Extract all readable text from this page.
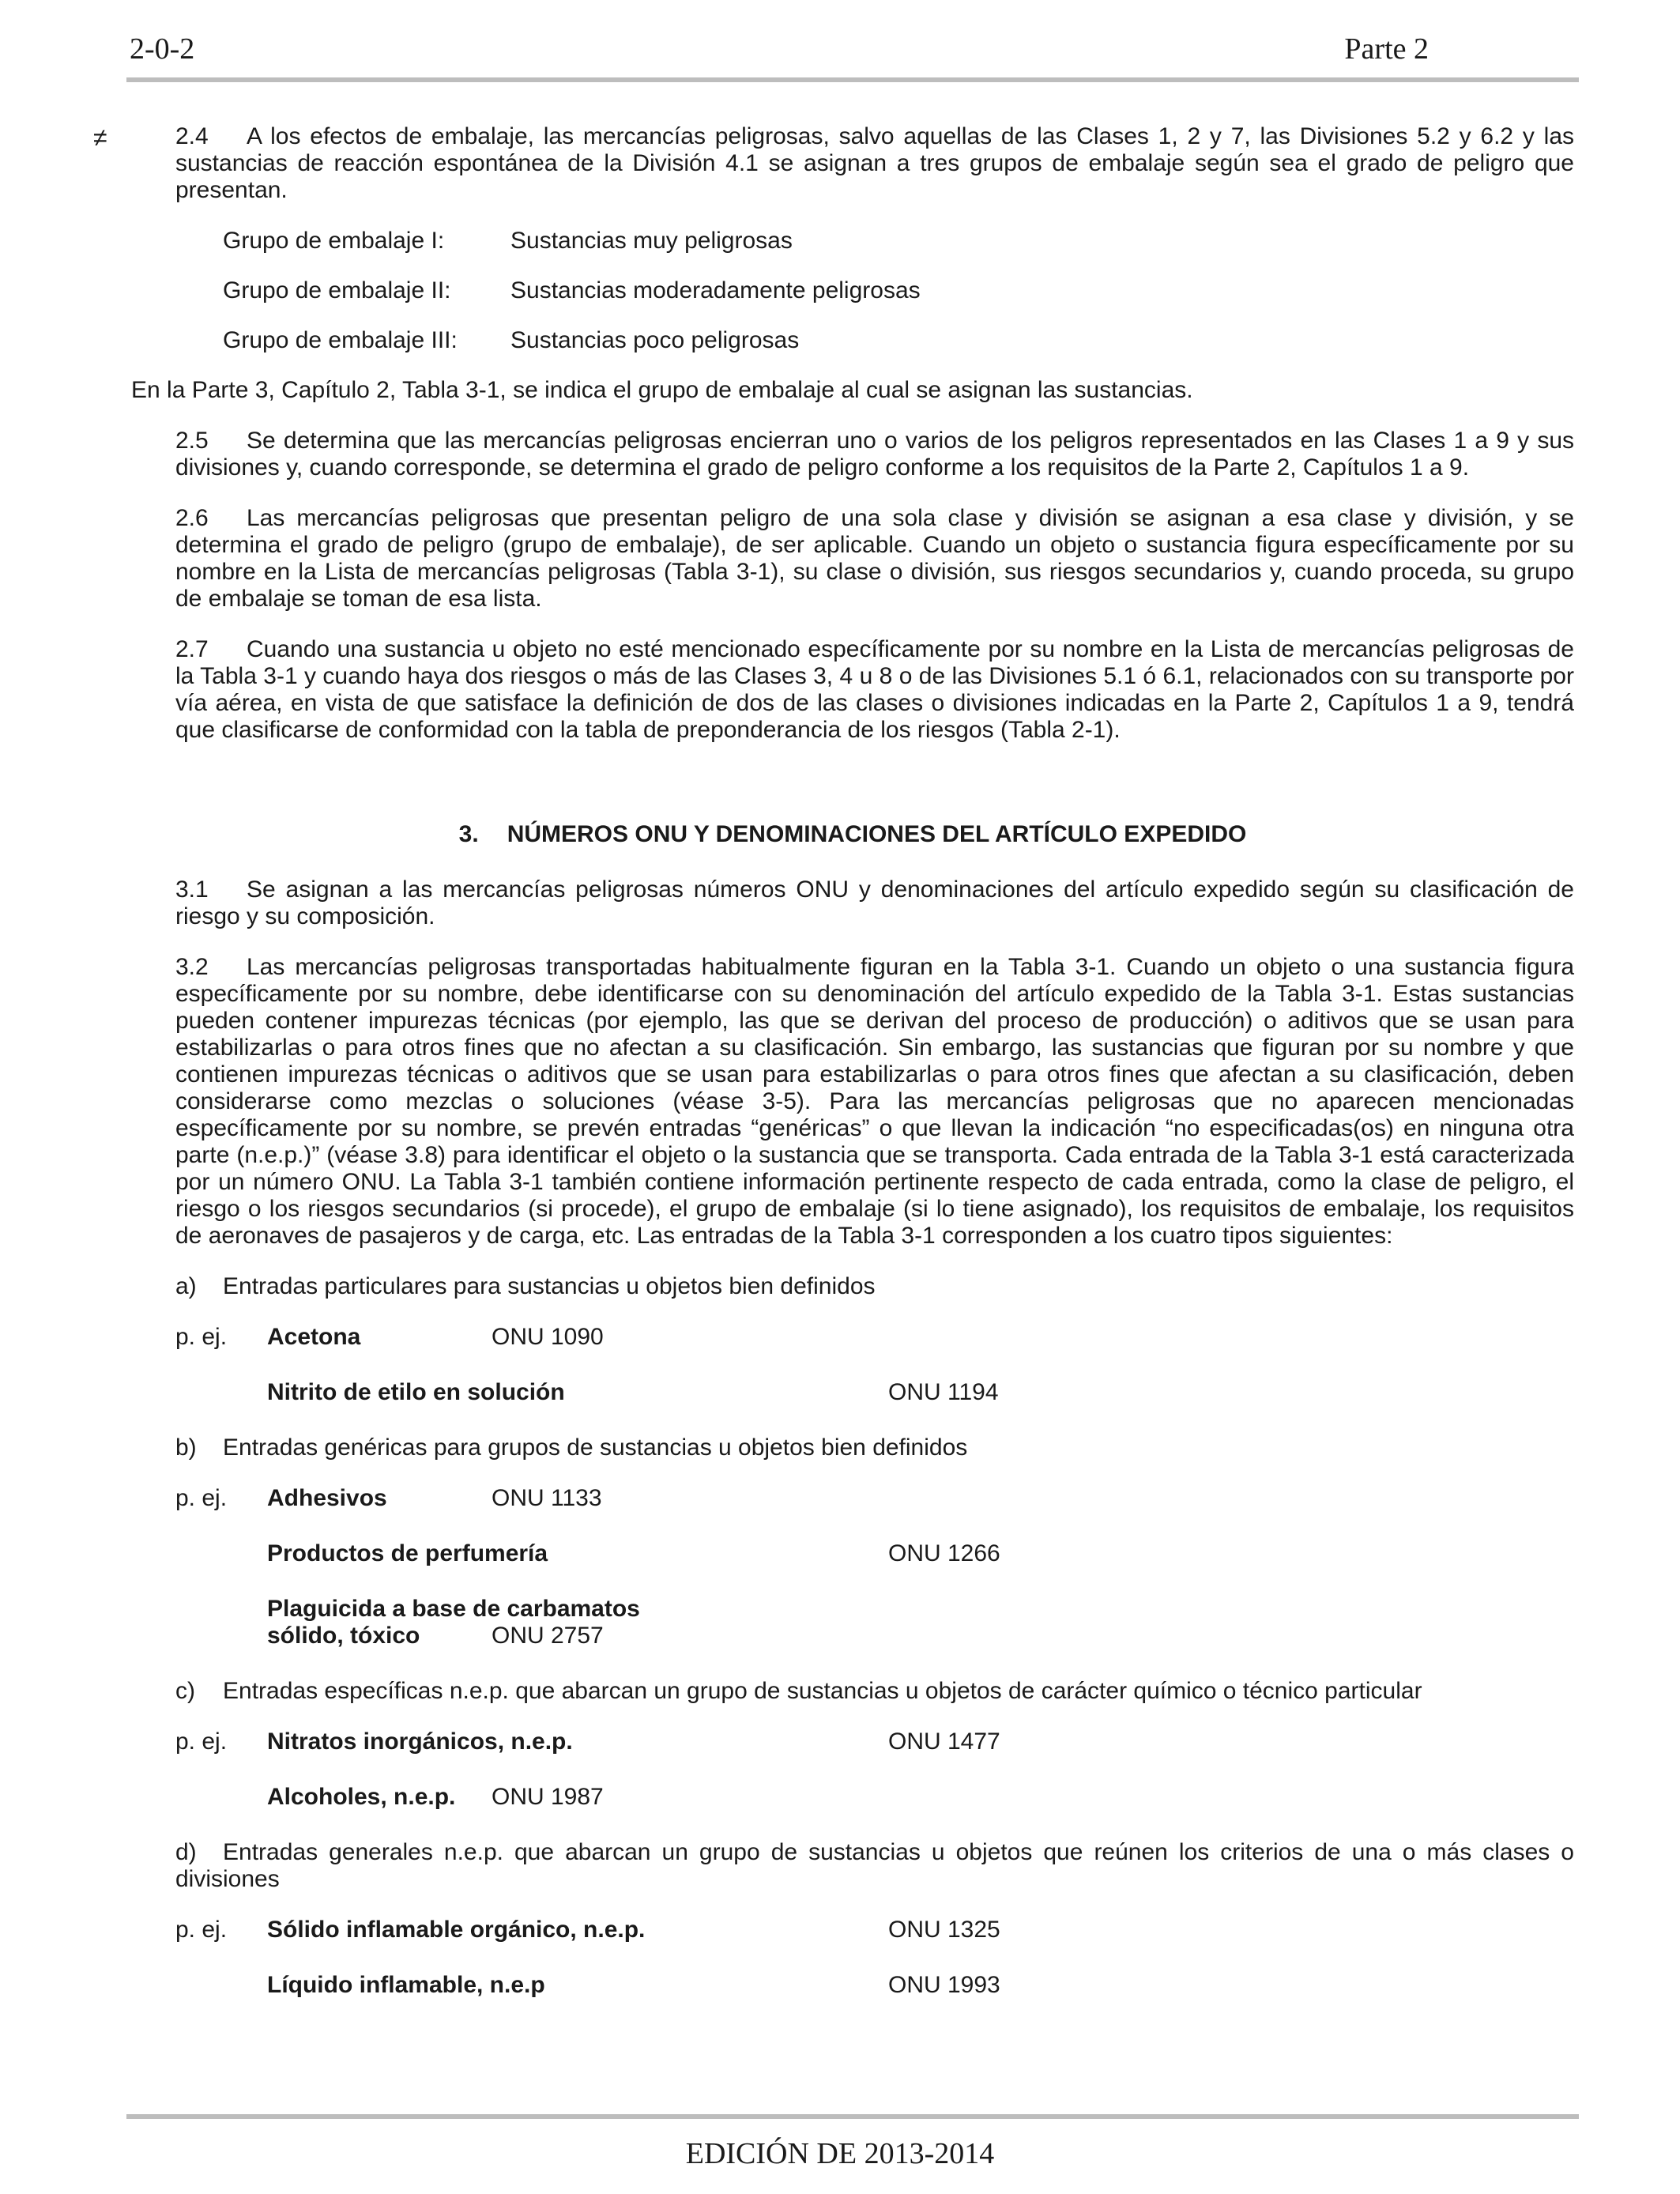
2-0-2	Parte 2
≠	2.4 A los efectos de embalaje, las mercancías peligrosas, salvo aquellas de las Clases 1, 2 y 7, las Divisiones 5.2 y 6.2 y las sustancias de reacción espontánea de la División 4.1 se asignan a tres grupos de embalaje según sea el grado de peligro que presentan.

Grupo de embalaje I:	Sustancias muy peligrosas
Grupo de embalaje II:	Sustancias moderadamente peligrosas
Grupo de embalaje III: Sustancias poco peligrosas

En la Parte 3, Capítulo 2, Tabla 3-1, se indica el grupo de embalaje al cual se asignan las sustancias.

2.5 Se determina que las mercancías peligrosas encierran uno o varios de los peligros representados en las Clases 1 a 9 y sus divisiones y, cuando corresponde, se determina el grado de peligro conforme a los requisitos de la Parte 2, Capítulos 1 a 9.

2.6 Las mercancías peligrosas que presentan peligro de una sola clase y división se asignan a esa clase y división, y se determina el grado de peligro (grupo de embalaje), de ser aplicable. Cuando un objeto o sustancia figura específicamente por su nombre en la Lista de mercancías peligrosas (Tabla 3-1), su clase o división, sus riesgos secundarios y, cuando proceda, su grupo de embalaje se toman de esa lista.

2.7 Cuando una sustancia u objeto no esté mencionado específicamente por su nombre en la Lista de mercancías peligrosas de la Tabla 3-1 y cuando haya dos riesgos o más de las Clases 3, 4 u 8 o de las Divisiones 5.1 ó 6.1, relacionados con su transporte por vía aérea, en vista de que satisface la definición de dos de las clases o divisiones indicadas en la Parte 2, Capítulos 1 a 9, tendrá que clasificarse de conformidad con la tabla de preponderancia de los riesgos (Tabla 2-1).

3. NÚMEROS ONU Y DENOMINACIONES DEL ARTÍCULO EXPEDIDO

3.1 Se asignan a las mercancías peligrosas números ONU y denominaciones del artículo expedido según su clasificación de riesgo y su composición.

3.2 Las mercancías peligrosas transportadas habitualmente figuran en la Tabla 3-1. Cuando un objeto o una sustancia figura específicamente por su nombre, debe identificarse con su denominación del artículo expedido de la Tabla 3-1. Estas sustancias pueden contener impurezas técnicas (por ejemplo, las que se derivan del proceso de producción) o aditivos que se usan para estabilizarlas o para otros fines que no afectan a su clasificación. Sin embargo, las sustancias que figuran por su nombre y que contienen impurezas técnicas o aditivos que se usan para estabilizarlas o para otros fines que afectan a su clasificación, deben considerarse como mezclas o soluciones (véase 3-5). Para las mercancías peligrosas que no aparecen mencionadas específicamente por su nombre, se prevén entradas “genéricas” o que llevan la indicación “no especificadas(os) en ninguna otra parte (n.e.p.)” (véase 3.8) para identificar el objeto o la sustancia que se transporta. Cada entrada de la Tabla 3-1 está caracterizada por un número ONU. La Tabla 3-1 también contiene información pertinente respecto de cada entrada, como la clase de peligro, el riesgo o los riesgos secundarios (si procede), el grupo de embalaje (si lo tiene asignado), los requisitos de embalaje, los requisitos de aeronaves de pasajeros y de carga, etc. Las entradas de la Tabla 3-1 corresponden a los cuatro tipos siguientes:

a) Entradas particulares para sustancias u objetos bien definidos

p. ej. Acetona	ONU 1090
Nitrito de etilo en solución	ONU 1194

b) Entradas genéricas para grupos de sustancias u objetos bien definidos

p. ej. Adhesivos	ONU 1133
Productos de perfumería	ONU 1266
Plaguicida a base de carbamatos
sólido, tóxico	ONU 2757

c) Entradas específicas n.e.p. que abarcan un grupo de sustancias u objetos de carácter químico o técnico particular

p. ej. Nitratos inorgánicos, n.e.p.	ONU 1477
Alcoholes, n.e.p. ONU 1987

d) Entradas generales n.e.p. que abarcan un grupo de sustancias u objetos que reúnen los criterios de una o más clases o divisiones

p. ej. Sólido inflamable orgánico, n.e.p.	ONU 1325
Líquido inflamable, n.e.p	ONU 1993
EDICIÓN DE 2013-2014
